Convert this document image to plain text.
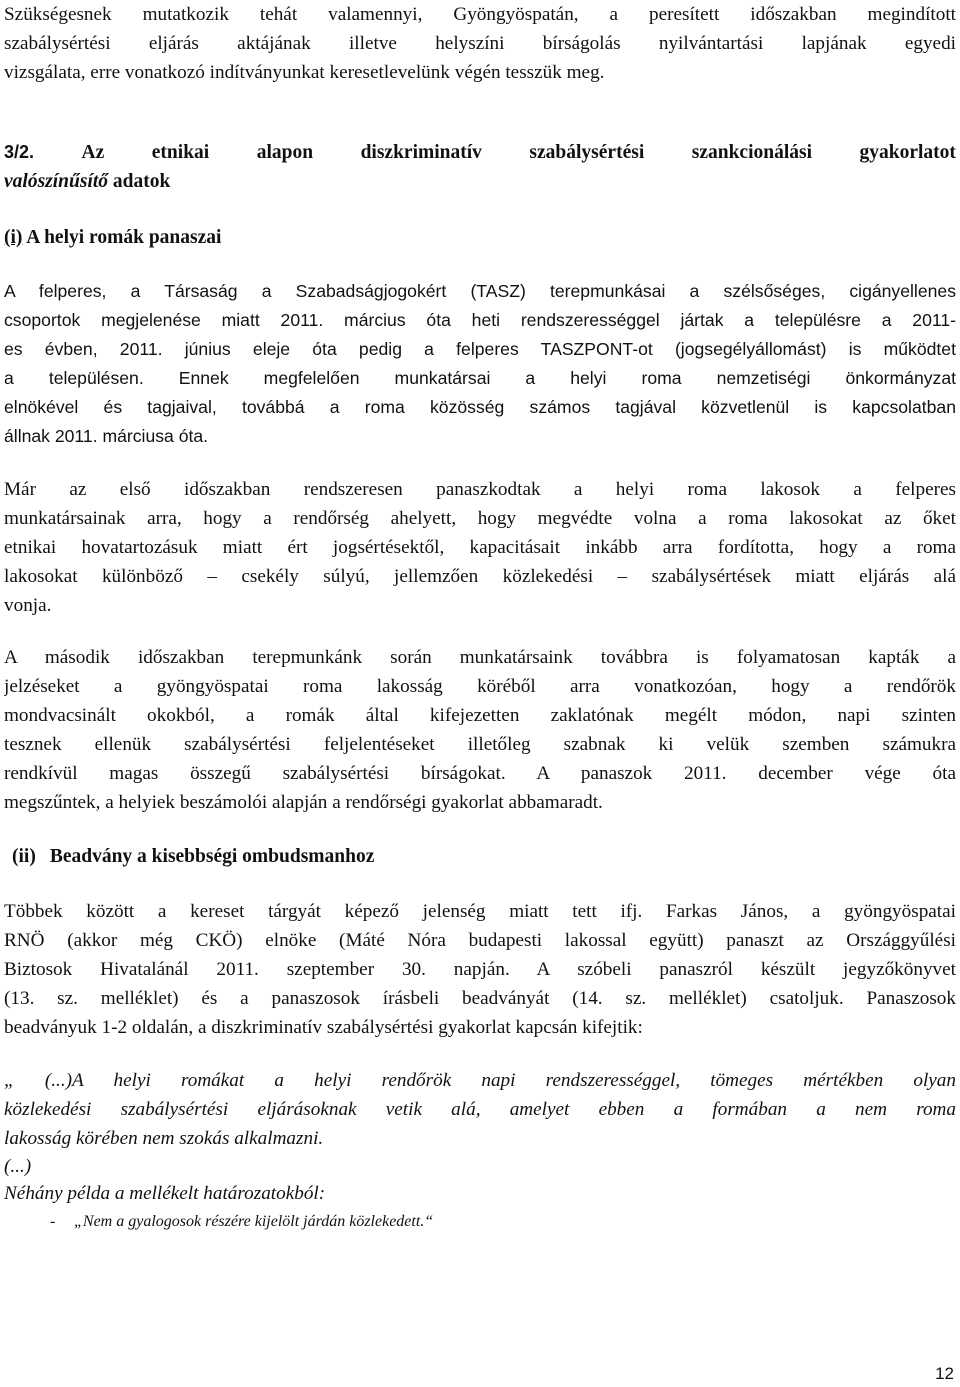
Szükségesnek mutatkozik tehát valamennyi, Gyöngyöspatán, a peresített időszakban megindított
szabálysértési eljárás aktájának illetve helyszíni bírságolás nyilvántartási lapjának egyedi
vizsgálata, erre vonatkozó indítványunkat keresetlevelünk végén tesszük meg.
3/2. Az etnikai alapon diszkriminatív szabálysértési szankcionálási gyakorlatot
valószínűsítő adatok
(i) A helyi romák panaszai
A felperes, a Társaság a Szabadságjogokért (TASZ) terepmunkásai a szélsőséges, cigányellenes
csoportok megjelenése miatt 2011. március óta heti rendszerességgel jártak a településre a 2011-
es évben, 2011. június eleje óta pedig a felperes TASZPONT-ot (jogsegélyállomást) is működtet
a településen. Ennek megfelelően munkatársai a helyi roma nemzetiségi önkormányzat
elnökével és tagjaival, továbbá a roma közösség számos tagjával közvetlenül is kapcsolatban
állnak 2011. márciusa óta.
Már az első időszakban rendszeresen panaszkodtak a helyi roma lakosok a felperes
munkatársainak arra, hogy a rendőrség ahelyett, hogy megvédte volna a roma lakosokat az őket
etnikai hovatartozásuk miatt ért jogsértésektől, kapacitásait inkább arra fordította, hogy a roma
lakosokat különböző – csekély súlyú, jellemzően közlekedési – szabálysértések miatt eljárás alá
vonja.
A második időszakban terepmunkánk során munkatársaink továbbra is folyamatosan kapták a
jelzéseket a gyöngyöspatai roma lakosság köréből arra vonatkozóan, hogy a rendőrök
mondvacsinált okokból, a romák által kifejezetten zaklatónak megélt módon, napi szinten
tesznek ellenük szabálysértési feljelentéseket illetőleg szabnak ki velük szemben számukra
rendkívül magas összegű szabálysértési bírságokat. A panaszok 2011. december vége óta
megszűntek, a helyiek beszámolói alapján a rendőrségi gyakorlat abbamaradt.
(ii) Beadvány a kisebbségi ombudsmanhoz
Többek között a kereset tárgyát képező jelenség miatt tett ifj. Farkas János, a gyöngyöspatai
RNÖ (akkor még CKÖ) elnöke (Máté Nóra budapesti lakossal együtt) panaszt az Országgyűlési
Biztosok Hivatalánál 2011. szeptember 30. napján. A szóbeli panaszról készült jegyzőkönyvet
(13. sz. melléklet) és a panaszosok írásbeli beadványát (14. sz. melléklet) csatoljuk. Panaszosok
beadványuk 1-2 oldalán, a diszkriminatív szabálysértési gyakorlat kapcsán kifejtik:
„ (...)A helyi romákat a helyi rendőrök napi rendszerességgel, tömeges mértékben olyan
közlekedési szabálysértési eljárásoknak vetik alá, amelyet ebben a formában a nem roma
lakosság körében nem szokás alkalmazni.
(...)
Néhány példa a mellékelt határozatokból:
- „Nem a gyalogosok részére kijelölt járdán közlekedett.“
12
